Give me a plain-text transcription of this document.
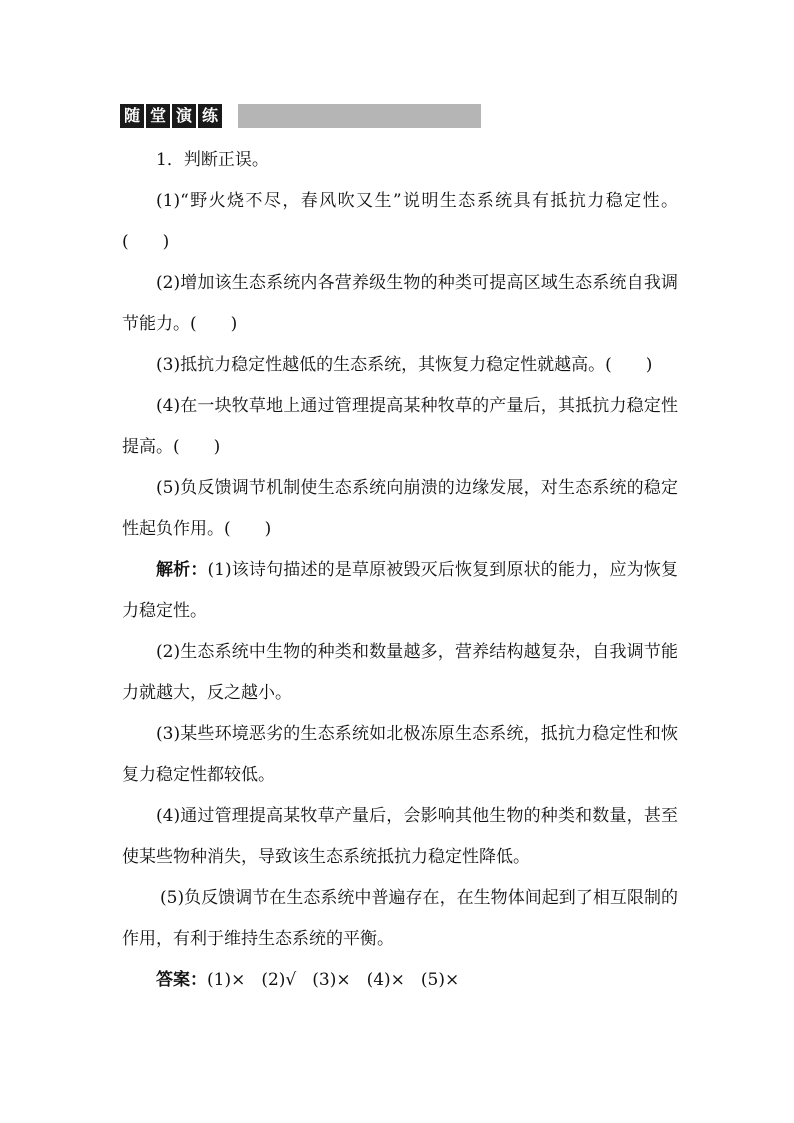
随 堂 演 练

1．判断正误。

(1)“野火烧不尽，春风吹又生”说明生态系统具有抵抗力稳定性。(　　)

(2)增加该生态系统内各营养级生物的种类可提高区域生态系统自我调节能力。(　　)

(3)抵抗力稳定性越低的生态系统，其恢复力稳定性就越高。(　　)

(4)在一块牧草地上通过管理提高某种牧草的产量后，其抵抗力稳定性提高。(　　)

(5)负反馈调节机制使生态系统向崩溃的边缘发展，对生态系统的稳定性起负作用。(　　)

解析：(1)该诗句描述的是草原被毁灭后恢复到原状的能力，应为恢复力稳定性。

(2)生态系统中生物的种类和数量越多，营养结构越复杂，自我调节能力就越大，反之越小。

(3)某些环境恶劣的生态系统如北极冻原生态系统，抵抗力稳定性和恢复力稳定性都较低。

(4)通过管理提高某牧草产量后，会影响其他生物的种类和数量，甚至使某些物种消失，导致该生态系统抵抗力稳定性降低。

(5)负反馈调节在生态系统中普遍存在，在生物体间起到了相互限制的作用，有利于维持生态系统的平衡。

答案：(1)× (2)√ (3)× (4)× (5)×
